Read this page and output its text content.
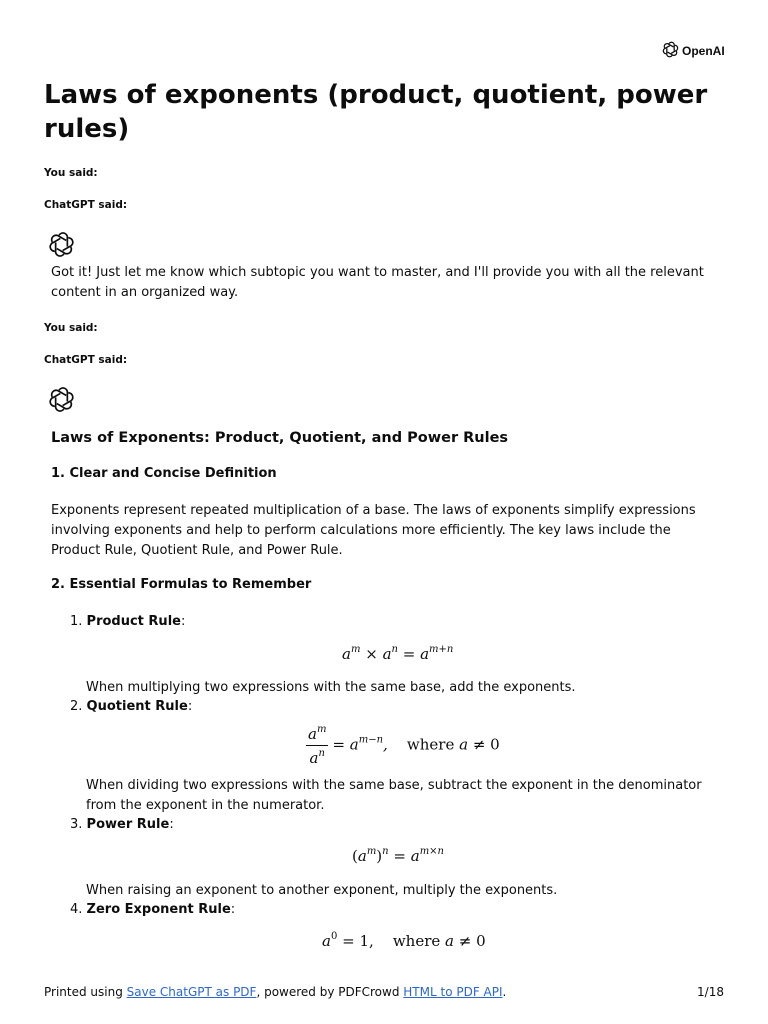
OpenAI
Laws of exponents (product, quotient, power rules)
You said:
ChatGPT said:

Got it! Just let me know which subtopic you want to master, and I'll provide you with all the relevant content in an organized way.

You said:
ChatGPT said:
Laws of Exponents: Product, Quotient, and Power Rules
1. Clear and Concise Definition

Exponents represent repeated multiplication of a base. The laws of exponents simplify expressions involving exponents and help to perform calculations more efficiently. The key laws include the Product Rule, Quotient Rule, and Power Rule.

2. Essential Formulas to Remember
1. Product Rule:
$a^m \times a^n = a^{m+n}$

When multiplying two expressions with the same base, add the exponents.

2. Quotient Rule:
$\frac{a^m}{a^n} = a^{m-n}$,    where a ≠ 0

When dividing two expressions with the same base, subtract the exponent in the denominator from the exponent in the numerator.

3. Power Rule:
$(a^m)^n = a^{m\times n}$

When raising an exponent to another exponent, multiply the exponents.

4. Zero Exponent Rule:
$a^0 = 1$, where a ≠ 0
Printed using Save ChatGPT as PDF, powered by PDFCrowd HTML to PDF API.	1/18
